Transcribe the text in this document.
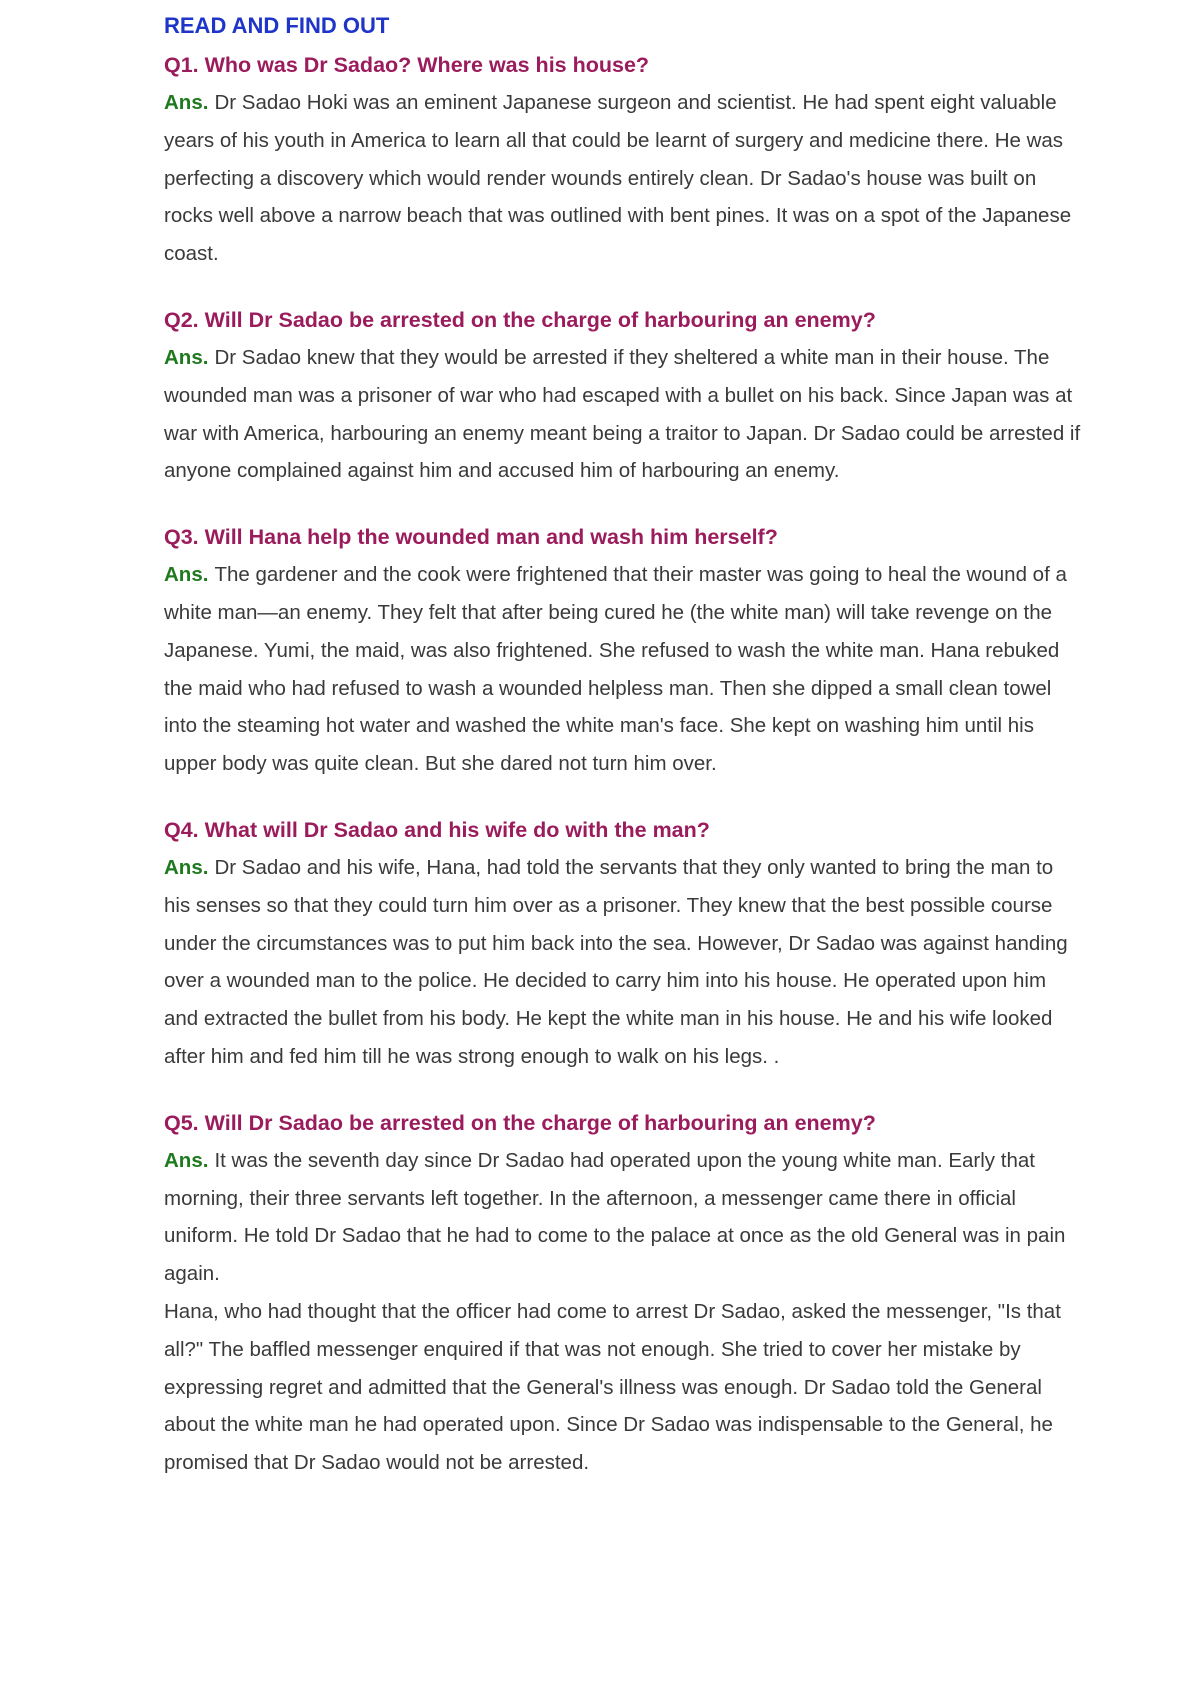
READ AND FIND OUT
Q1. Who was Dr Sadao? Where was his house?

Ans. Dr Sadao Hoki was an eminent Japanese surgeon and scientist. He had spent eight valuable years of his youth in America to learn all that could be learnt of surgery and medicine there. He was perfecting a discovery which would render wounds entirely clean. Dr Sadao's house was built on rocks well above a narrow beach that was outlined with bent pines. It was on a spot of the Japanese coast.

Q2. Will Dr Sadao be arrested on the charge of harbouring an enemy?

Ans. Dr Sadao knew that they would be arrested if they sheltered a white man in their house. The wounded man was a prisoner of war who had escaped with a bullet on his back. Since Japan was at war with America, harbouring an enemy meant being a traitor to Japan. Dr Sadao could be arrested if anyone complained against him and accused him of harbouring an enemy.

Q3. Will Hana help the wounded man and wash him herself?

Ans. The gardener and the cook were frightened that their master was going to heal the wound of a white man—an enemy. They felt that after being cured he (the white man) will take revenge on the Japanese. Yumi, the maid, was also frightened. She refused to wash the white man. Hana rebuked the maid who had refused to wash a wounded helpless man. Then she dipped a small clean towel into the steaming hot water and washed the white man's face. She kept on washing him until his upper body was quite clean. But she dared not turn him over.

Q4. What will Dr Sadao and his wife do with the man?

Ans. Dr Sadao and his wife, Hana, had told the servants that they only wanted to bring the man to his senses so that they could turn him over as a prisoner. They knew that the best possible course under the circumstances was to put him back into the sea. However, Dr Sadao was against handing over a wounded man to the police. He decided to carry him into his house. He operated upon him and extracted the bullet from his body. He kept the white man in his house. He and his wife looked after him and fed him till he was strong enough to walk on his legs. .

Q5. Will Dr Sadao be arrested on the charge of harbouring an enemy?

Ans. It was the seventh day since Dr Sadao had operated upon the young white man. Early that morning, their three servants left together. In the afternoon, a messenger came there in official uniform. He told Dr Sadao that he had to come to the palace at once as the old General was in pain again.

Hana, who had thought that the officer had come to arrest Dr Sadao, asked the messenger, "Is that all?" The baffled messenger enquired if that was not enough. She tried to cover her mistake by expressing regret and admitted that the General's illness was enough. Dr Sadao told the General about the white man he had operated upon. Since Dr Sadao was indispensable to the General, he promised that Dr Sadao would not be arrested.
